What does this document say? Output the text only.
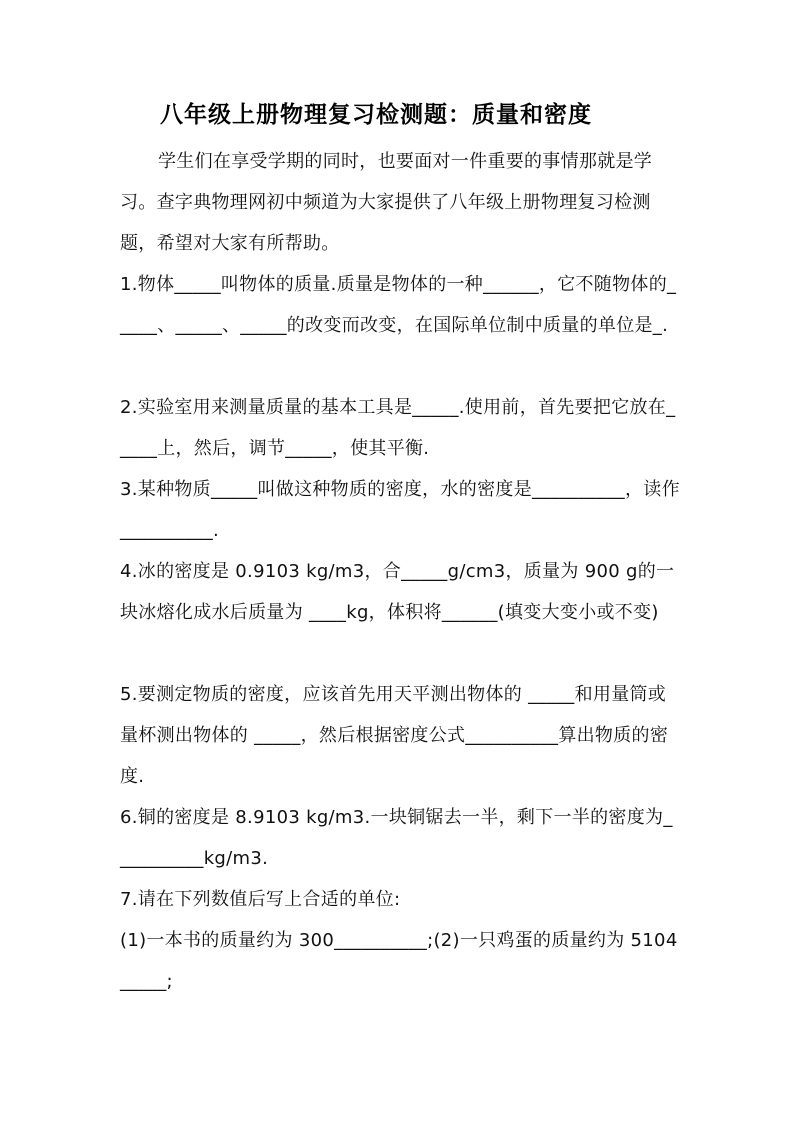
八年级上册物理复习检测题：质量和密度
学生们在享受学期的同时，也要面对一件重要的事情那就是学习。查字典物理网初中频道为大家提供了八年级上册物理复习检测题，希望对大家有所帮助。
1.物体_____叫物体的质量.质量是物体的一种______，它不随物体的_____、_____、_____的改变而改变，在国际单位制中质量的单位是_.
2.实验室用来测量质量的基本工具是_____.使用前，首先要把它放在_____上，然后，调节_____，使其平衡.
3.某种物质_____叫做这种物质的密度，水的密度是__________，读作__________.
4.冰的密度是 0.9103 kg/m3，合_____g/cm3，质量为 900 g的一块冰熔化成水后质量为 ____kg，体积将______(填变大变小或不变)
5.要测定物质的密度，应该首先用天平测出物体的 _____和用量筒或量杯测出物体的 _____，然后根据密度公式__________算出物质的密度.
6.铜的密度是 8.9103 kg/m3.一块铜锯去一半，剩下一半的密度为__________kg/m3.
7.请在下列数值后写上合适的单位:
(1)一本书的质量约为 300__________;(2)一只鸡蛋的质量约为 5104_____;
